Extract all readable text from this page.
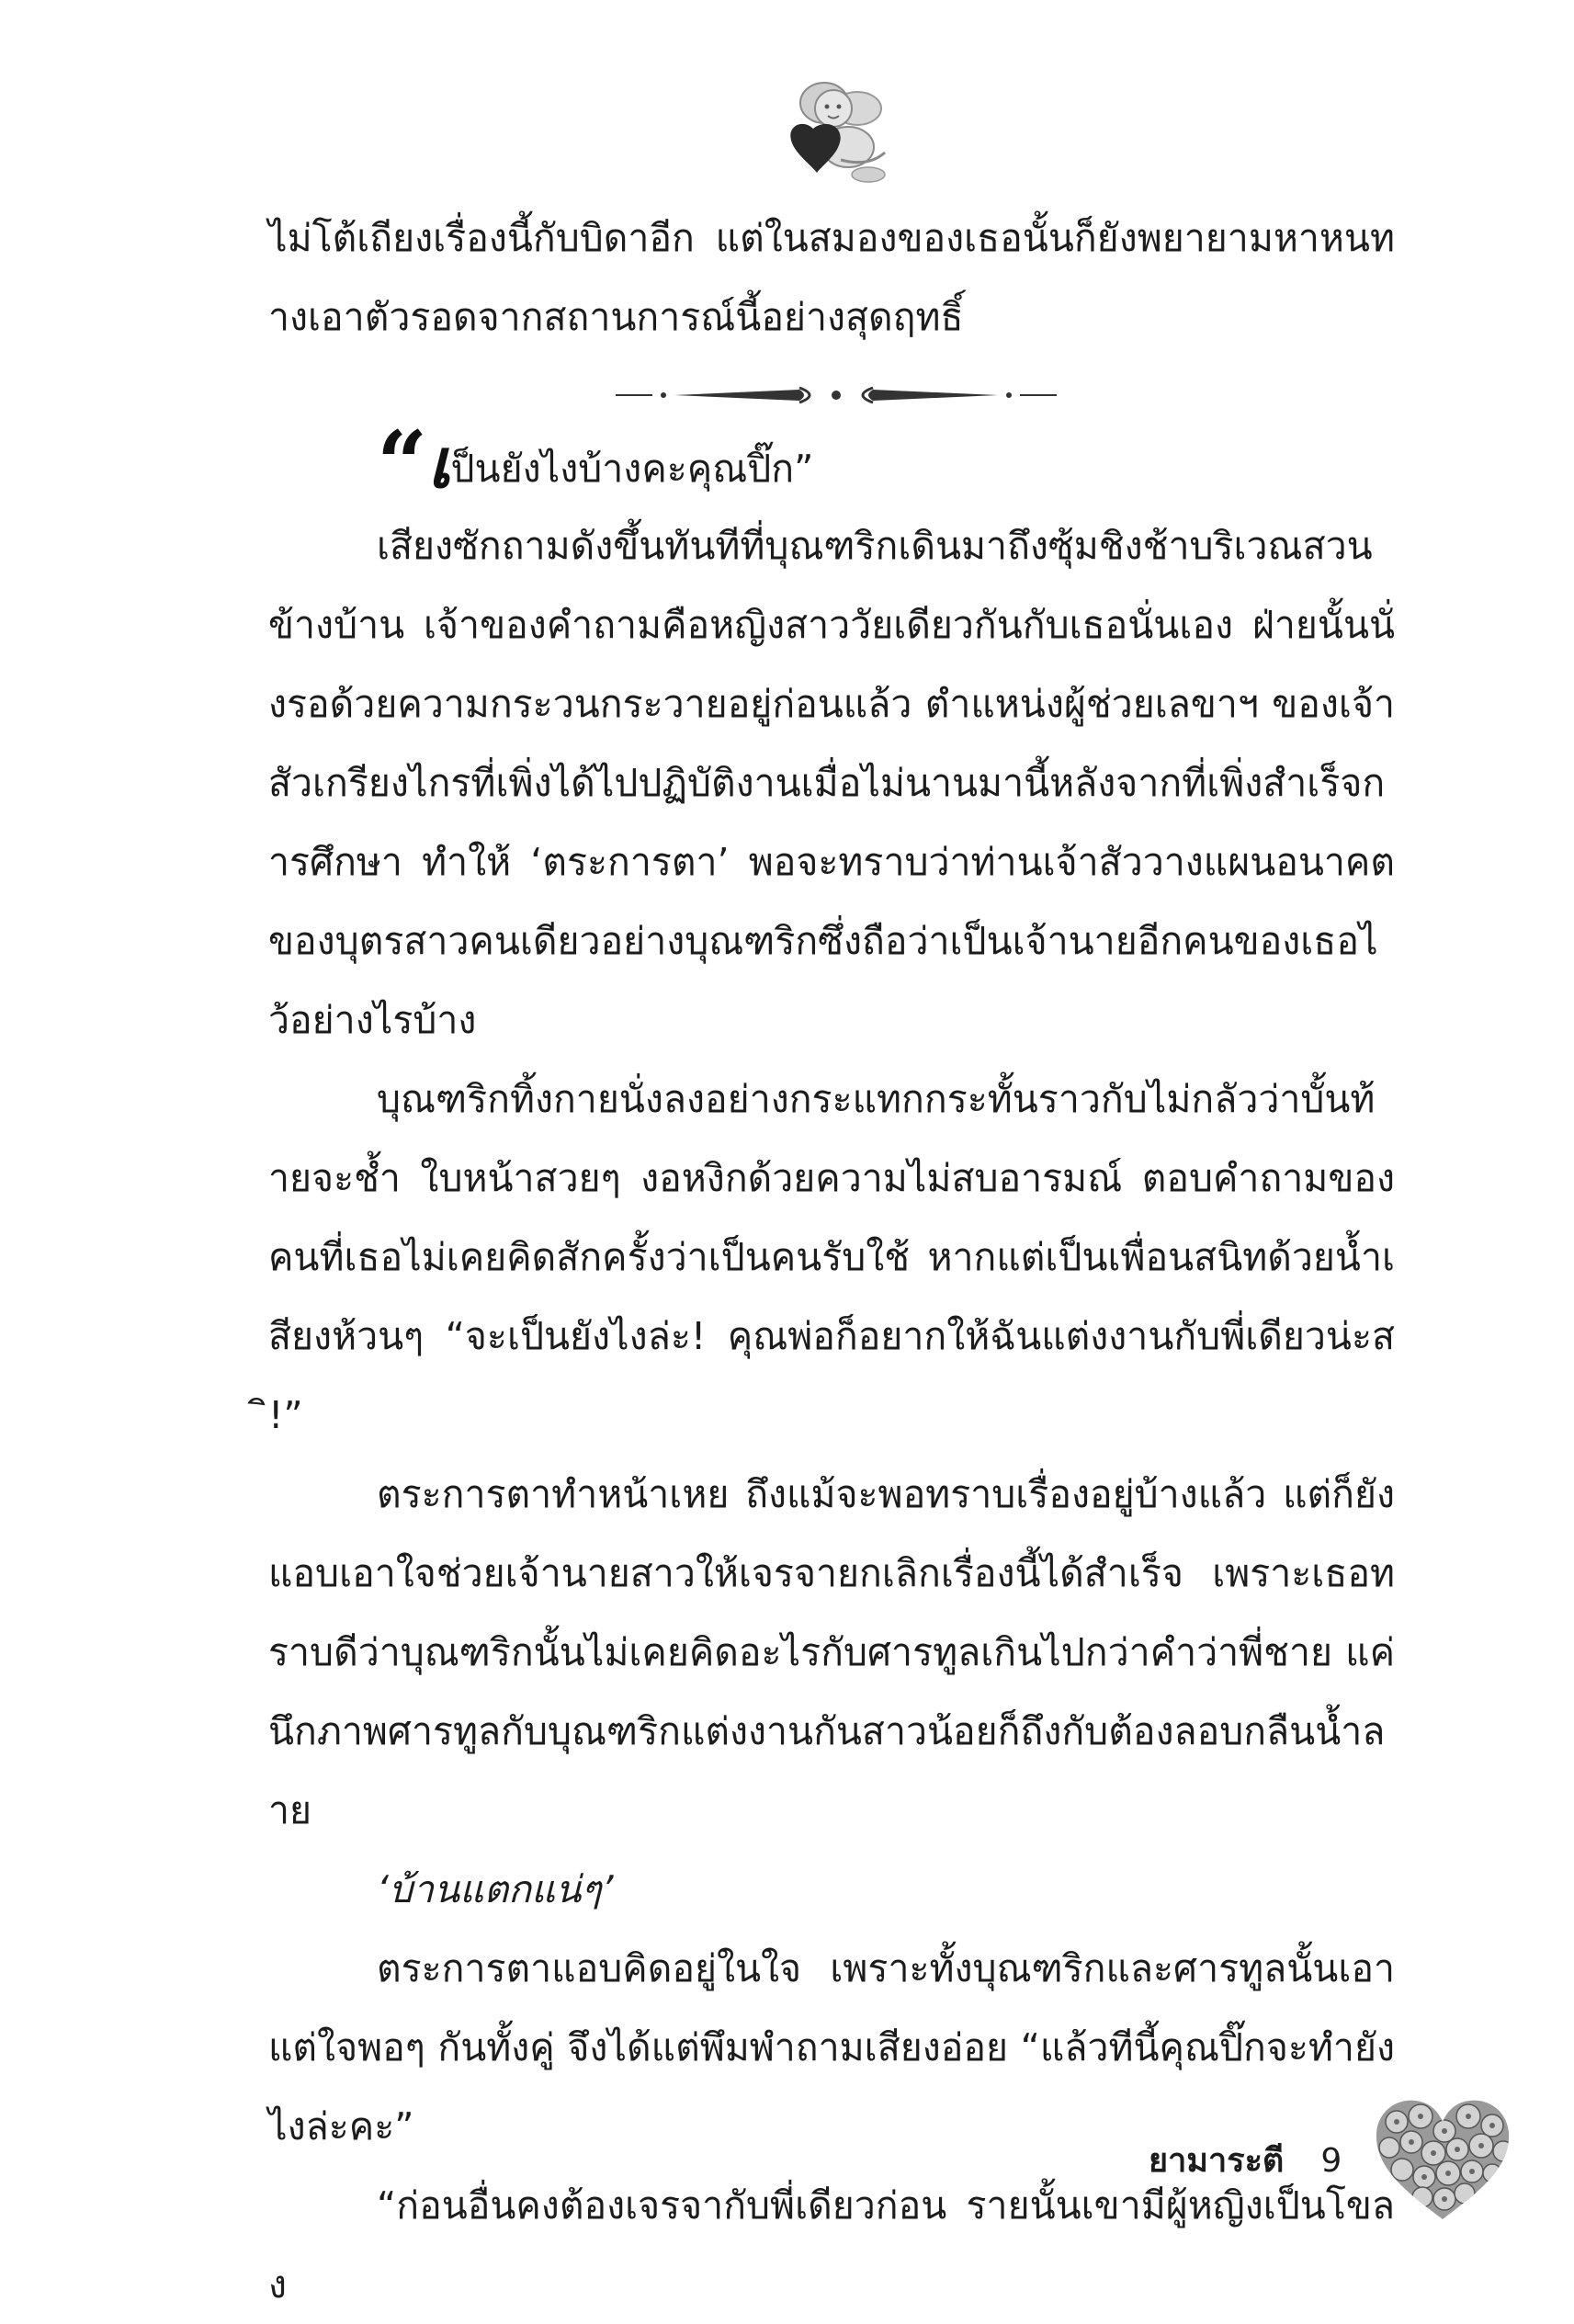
ไม่โต้เถียงเรื่องนี้กับบิดาอีก แต่ในสมองของเธอนั้นก็ยังพยายามหาหนทางเอาตัวรอดจากสถานการณ์นี้อย่างสุดฤทธิ์

“เป็นยังไงบ้างคะคุณปิ๊ก”

เสียงซักถามดังขึ้นทันทีที่บุณฑริกเดินมาถึงซุ้มชิงช้าบริเวณสวนข้างบ้าน เจ้าของคำถามคือหญิงสาววัยเดียวกันกับเธอนั่นเอง ฝ่ายนั้นนั่งรอด้วยความกระวนกระวายอยู่ก่อนแล้ว ตำแหน่งผู้ช่วยเลขาฯ ของเจ้าสัวเกรียงไกรที่เพิ่งได้ไปปฏิบัติงานเมื่อไม่นานมานี้หลังจากที่เพิ่งสำเร็จการศึกษา ทำให้ ‘ตระการตา’ พอจะทราบว่าท่านเจ้าสัววางแผนอนาคตของบุตรสาวคนเดียวอย่างบุณฑริกซึ่งถือว่าเป็นเจ้านายอีกคนของเธอไว้อย่างไรบ้าง

บุณฑริกทิ้งกายนั่งลงอย่างกระแทกกระทั้นราวกับไม่กลัวว่าบั้นท้ายจะช้ำ ใบหน้าสวยๆ งอหงิกด้วยความไม่สบอารมณ์ ตอบคำถามของคนที่เธอไม่เคยคิดสักครั้งว่าเป็นคนรับใช้ หากแต่เป็นเพื่อนสนิทด้วยน้ำเสียงห้วนๆ “จะเป็นยังไงล่ะ! คุณพ่อก็อยากให้ฉันแต่งงานกับพี่เดียวน่ะสิ!”

ตระการตาทำหน้าเหย ถึงแม้จะพอทราบเรื่องอยู่บ้างแล้ว แต่ก็ยังแอบเอาใจช่วยเจ้านายสาวให้เจรจายกเลิกเรื่องนี้ได้สำเร็จ เพราะเธอทราบดีว่าบุณฑริกนั้นไม่เคยคิดอะไรกับศารทูลเกินไปกว่าคำว่าพี่ชาย แค่นึกภาพศารทูลกับบุณฑริกแต่งงานกันสาวน้อยก็ถึงกับต้องลอบกลืนน้ำลาย

‘บ้านแตกแน่ๆ’

ตระการตาแอบคิดอยู่ในใจ เพราะทั้งบุณฑริกและศารทูลนั้นเอาแต่ใจพอๆ กันทั้งคู่ จึงได้แต่พึมพำถามเสียงอ่อย “แล้วทีนี้คุณปิ๊กจะทำยังไงล่ะคะ”

“ก่อนอื่นคงต้องเจรจากับพี่เดียวก่อน รายนั้นเขามีผู้หญิงเป็นโขลง

ยามาระตี 9
